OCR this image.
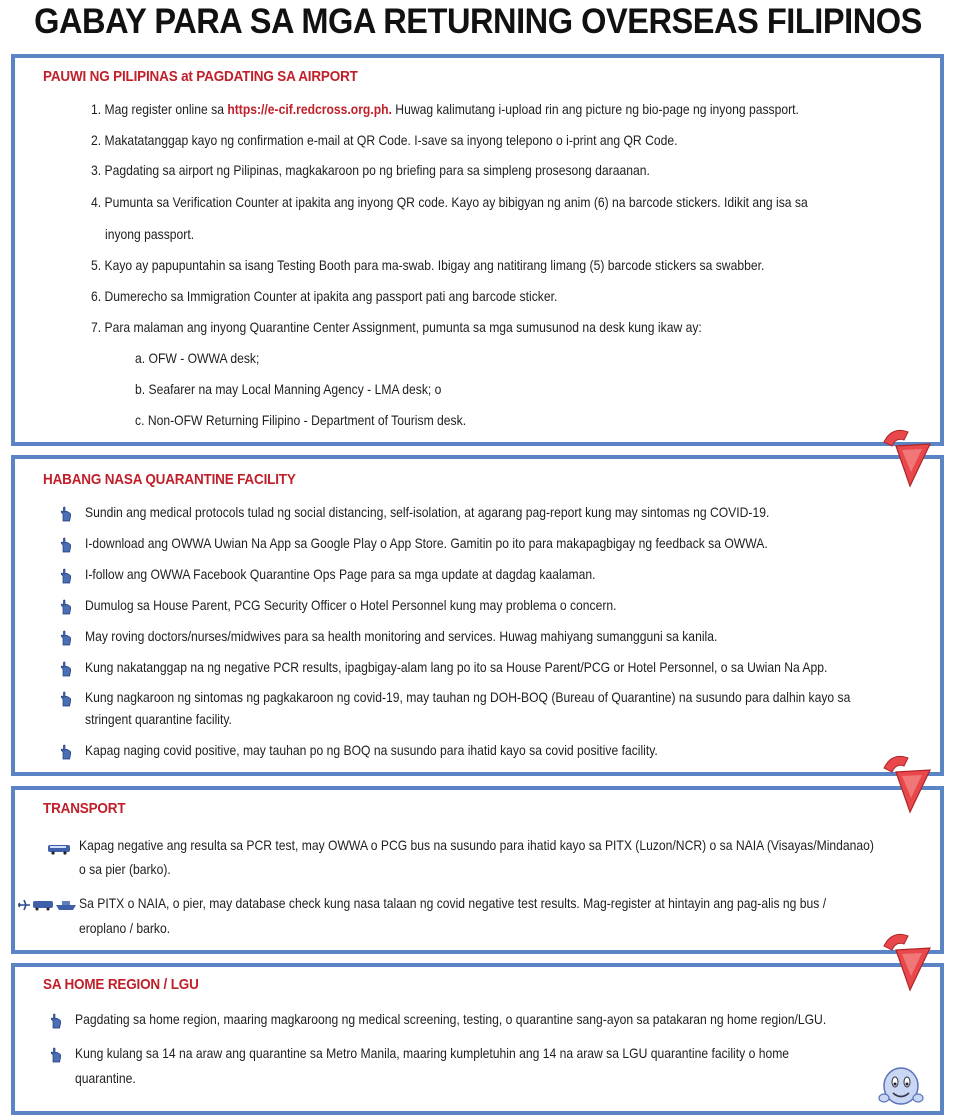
GABAY PARA SA MGA RETURNING OVERSEAS FILIPINOS
PAUWI NG PILIPINAS at PAGDATING SA AIRPORT
1. Mag register online sa https://e-cif.redcross.org.ph. Huwag kalimutang i-upload rin ang picture ng bio-page ng inyong passport.
2. Makatatanggap kayo ng confirmation e-mail at QR Code. I-save sa inyong telepono o i-print ang QR Code.
3. Pagdating sa airport ng Pilipinas, magkakaroon po ng briefing para sa simpleng prosesong daraanan.
4. Pumunta sa Verification Counter at ipakita ang inyong QR code. Kayo ay bibigyan ng anim (6) na barcode stickers. Idikit ang isa sa
inyong passport.
5. Kayo ay papupuntahin sa isang Testing Booth para ma-swab. Ibigay ang natitirang limang (5) barcode stickers sa swabber.
6. Dumerecho sa Immigration Counter at ipakita ang passport pati ang barcode sticker.
7. Para malaman ang inyong Quarantine Center Assignment, pumunta sa mga sumusunod na desk kung ikaw ay:
a. OFW - OWWA desk;
b. Seafarer na may Local Manning Agency - LMA desk; o
c. Non-OFW Returning Filipino - Department of Tourism desk.
HABANG NASA QUARANTINE FACILITY
Sundin ang medical protocols tulad ng social distancing, self-isolation, at agarang pag-report kung may sintomas ng COVID-19.
I-download ang OWWA Uwian Na App sa Google Play o App Store. Gamitin po ito para makapagbigay ng feedback sa OWWA.
I-follow ang OWWA Facebook Quarantine Ops Page para sa mga update at dagdag kaalaman.
Dumulog sa House Parent, PCG Security Officer o Hotel Personnel kung may problema o concern.
May roving doctors/nurses/midwives para sa health monitoring and services. Huwag mahiyang sumangguni sa kanila.
Kung nakatanggap na ng negative PCR results, ipagbigay-alam lang po ito sa House Parent/PCG or Hotel Personnel, o sa Uwian Na App.
Kung nagkaroon ng sintomas ng pagkakaroon ng covid-19, may tauhan ng DOH-BOQ (Bureau of Quarantine) na susundo para dalhin kayo sa
stringent quarantine facility.
Kapag naging covid positive, may tauhan po ng BOQ na susundo para ihatid kayo sa covid positive facility.
TRANSPORT
Kapag negative ang resulta sa PCR test, may OWWA o PCG bus na susundo para ihatid kayo sa PITX (Luzon/NCR) o sa NAIA (Visayas/Mindanao)
o sa pier (barko).
Sa PITX o NAIA, o pier, may database check kung nasa talaan ng covid negative test results. Mag-register at hintayin ang pag-alis ng bus /
eroplano / barko.
SA HOME REGION / LGU
Pagdating sa home region, maaring magkaroong ng medical screening, testing, o quarantine sang-ayon sa patakaran ng home region/LGU.
Kung kulang sa 14 na araw ang quarantine sa Metro Manila, maaring kumpletuhin ang 14 na araw sa LGU quarantine facility o home
quarantine.
